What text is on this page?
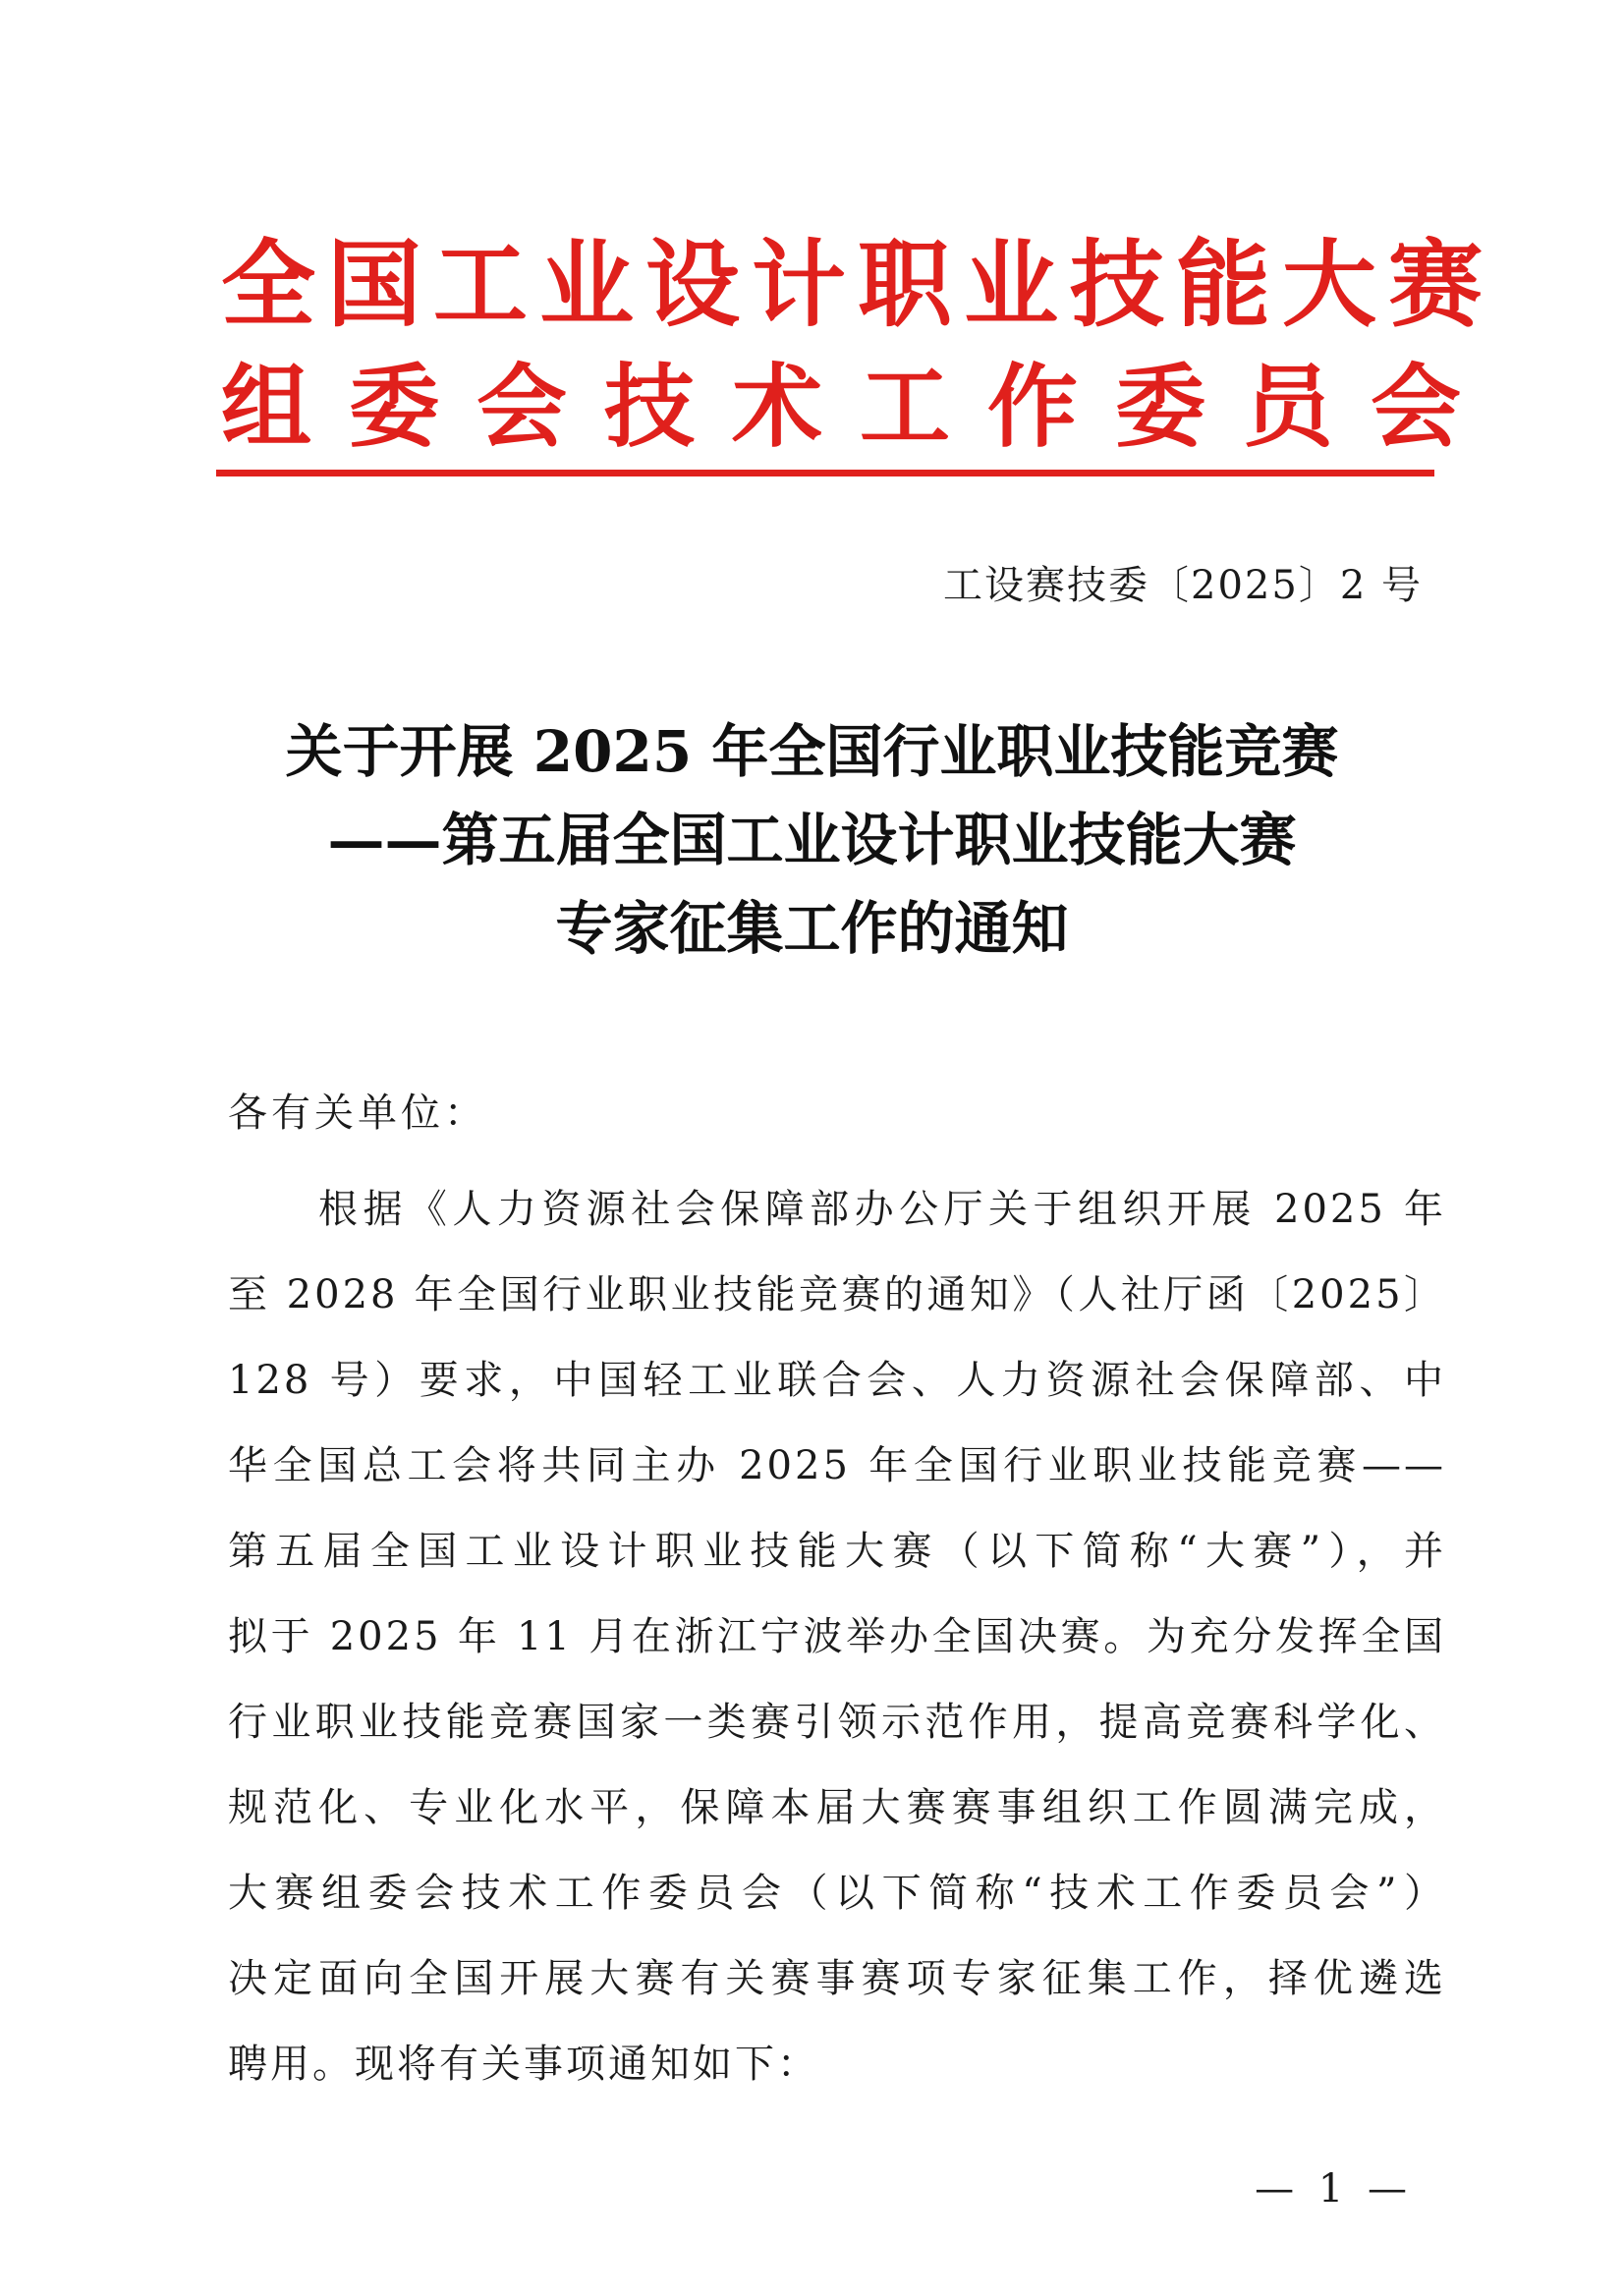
全国工业设计职业技能大赛
组委会技术工作委员会
工设赛技委〔2025〕2 号
关于开展 2025 年全国行业职业技能竞赛
——第五届全国工业设计职业技能大赛
专家征集工作的通知
各有关单位：
根据《人力资源社会保障部办公厅关于组织开展 2025 年
至 2028 年全国行业职业技能竞赛的通知》（人社厅函〔2025〕
128 号）要求，中国轻工业联合会、人力资源社会保障部、中
华全国总工会将共同主办 2025 年全国行业职业技能竞赛——
第五届全国工业设计职业技能大赛（以下简称“大赛”），并
拟于 2025 年 11 月在浙江宁波举办全国决赛。为充分发挥全国
行业职业技能竞赛国家一类赛引领示范作用，提高竞赛科学化、
规范化、专业化水平，保障本届大赛赛事组织工作圆满完成，
大赛组委会技术工作委员会（以下简称“技术工作委员会”）
决定面向全国开展大赛有关赛事赛项专家征集工作，择优遴选
聘用。现将有关事项通知如下：
— 1 —
